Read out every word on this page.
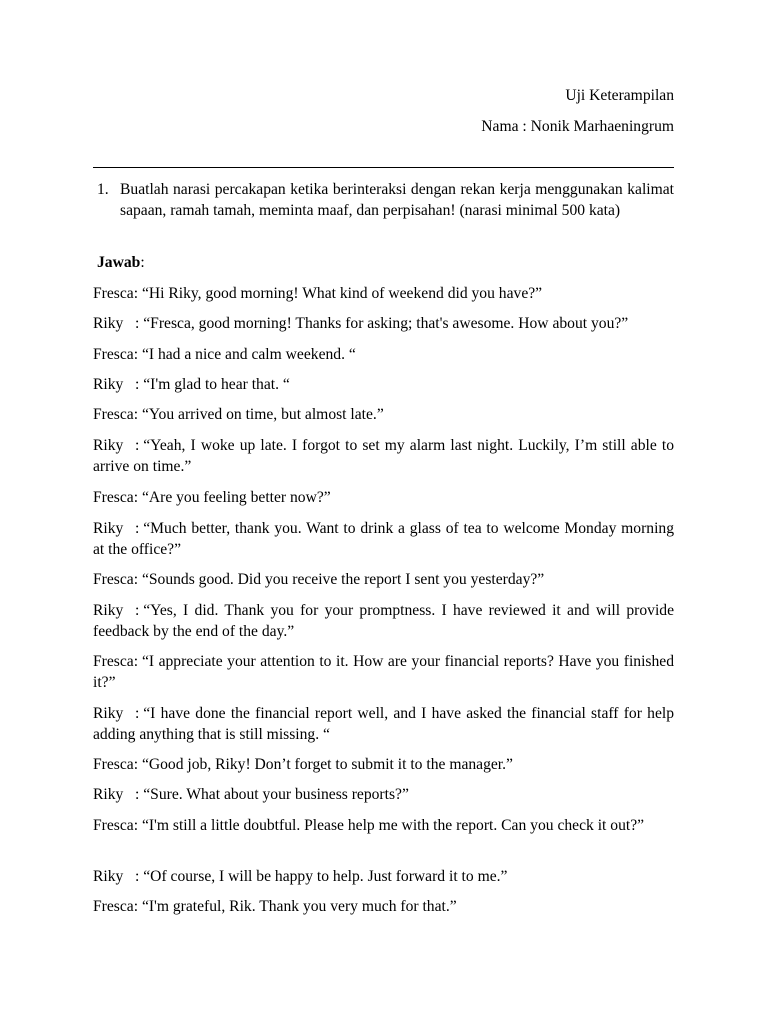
Uji Keterampilan
Nama : Nonik Marhaeningrum
1. Buatlah narasi percakapan ketika berinteraksi dengan rekan kerja menggunakan kalimat sapaan, ramah tamah, meminta maaf, dan perpisahan! (narasi minimal 500 kata)
Jawab:
Fresca: “Hi Riky, good morning! What kind of weekend did you have?”
Riky   : “Fresca, good morning! Thanks for asking; that's awesome. How about you?”
Fresca: “I had a nice and calm weekend. “
Riky   : “I'm glad to hear that. “
Fresca: “You arrived on time, but almost late.”
Riky   : “Yeah, I woke up late. I forgot to set my alarm last night. Luckily, I’m still able to arrive on time.”
Fresca: “Are you feeling better now?”
Riky   : “Much better, thank you. Want to drink a glass of tea to welcome Monday morning at the office?”
Fresca: “Sounds good. Did you receive the report I sent you yesterday?”
Riky   : “Yes, I did. Thank you for your promptness. I have reviewed it and will provide feedback by the end of the day.”
Fresca: “I appreciate your attention to it. How are your financial reports? Have you finished it?”
Riky   : “I have done the financial report well, and I have asked the financial staff for help adding anything that is still missing. “
Fresca: “Good job, Riky! Don’t forget to submit it to the manager.”
Riky   : “Sure. What about your business reports?”
Fresca: “I'm still a little doubtful. Please help me with the report. Can you check it out?”
Riky   : “Of course, I will be happy to help. Just forward it to me.”
Fresca: “I'm grateful, Rik. Thank you very much for that.”
